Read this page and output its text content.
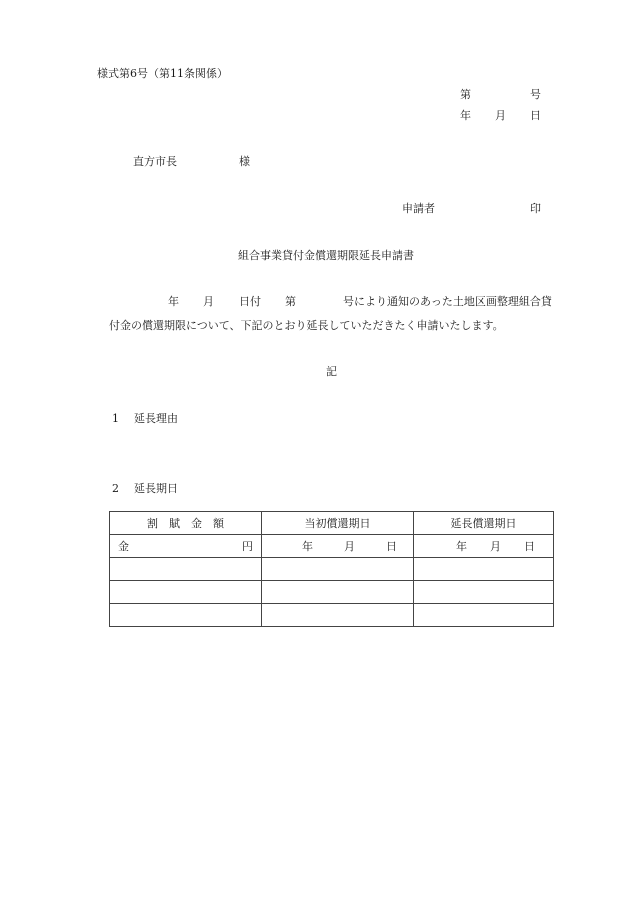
様式第6号（第11条関係）
第	号
年 月 日
直方市長	様
申請者	印
組合事業貸付金償還期限延長申請書
年 月 日付 第	号により通知のあった土地区画整理組合貸
付金の償還期限について、下記のとおり延長していただきたく申請いたします。
記
1 延長理由
2 延長期日
割　賦　金　額	当初償還期日	延長償還期日

金 円	年 月 日	年 月 日
